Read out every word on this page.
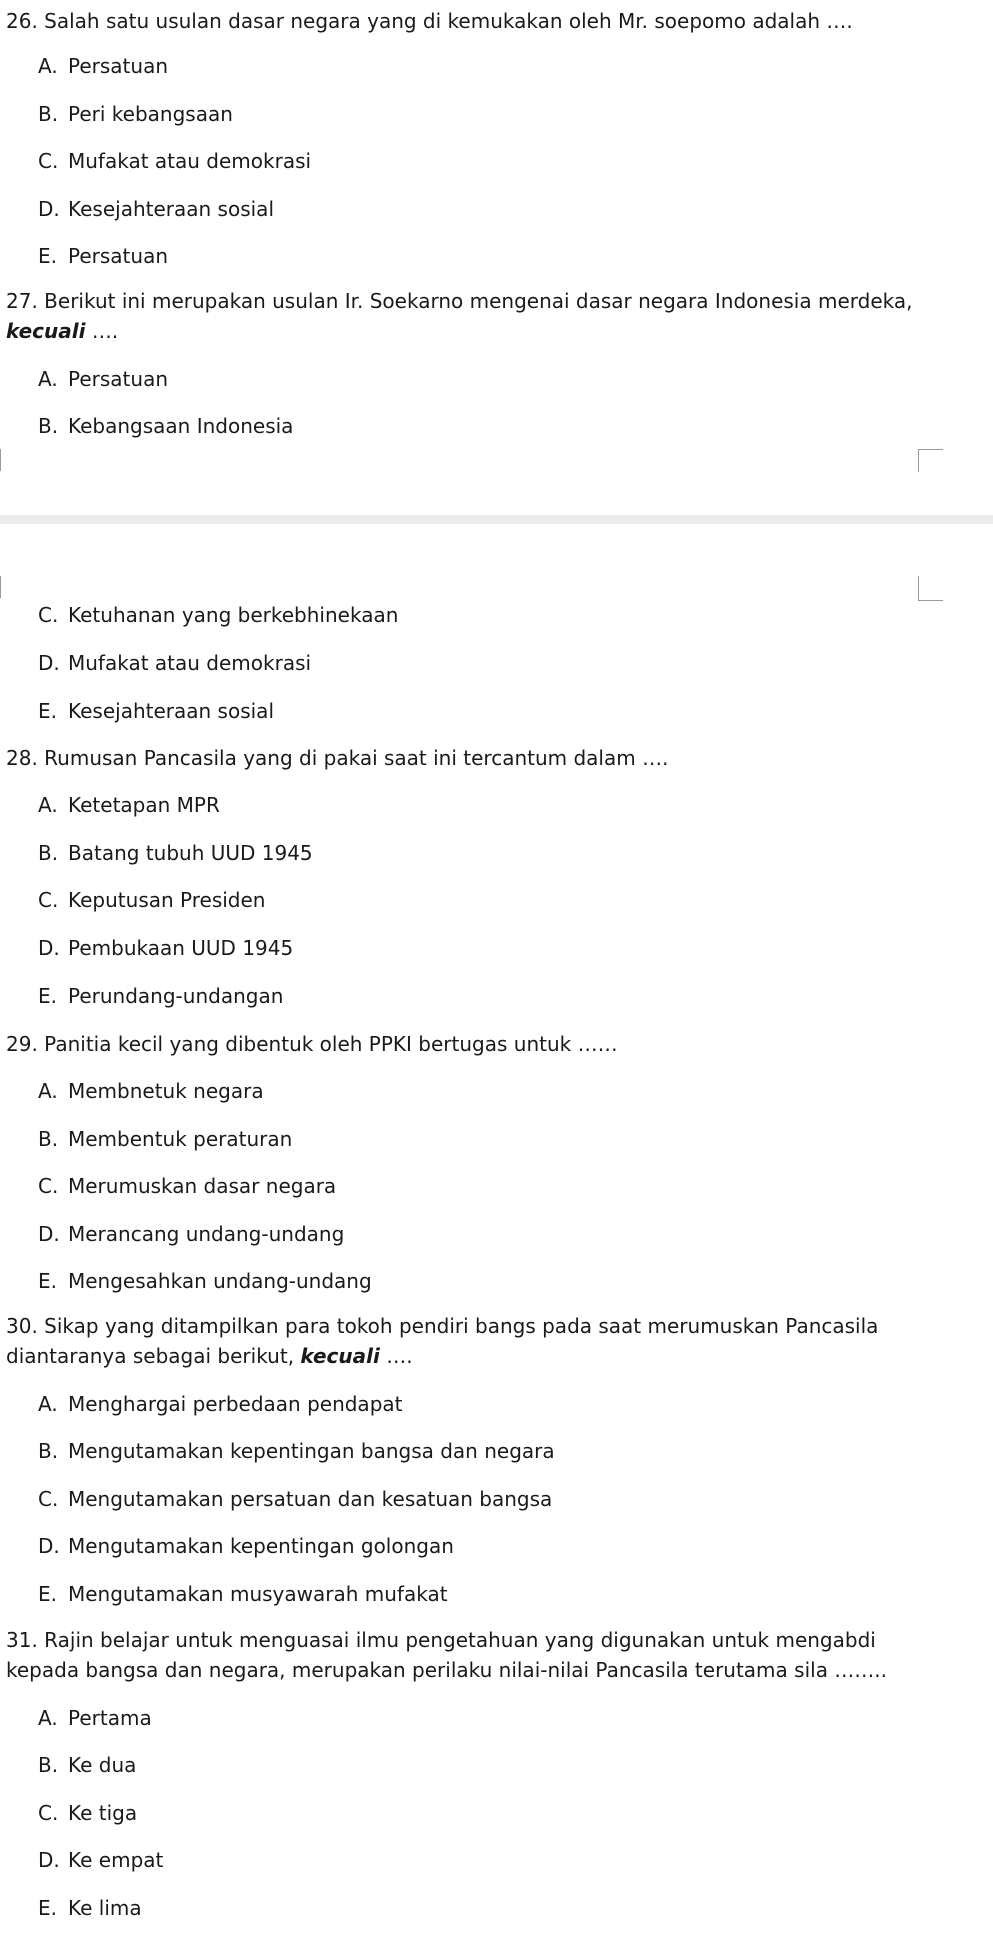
26. Salah satu usulan dasar negara yang di kemukakan oleh Mr. soepomo adalah ….
A. Persatuan
B. Peri kebangsaan
C. Mufakat atau demokrasi
D. Kesejahteraan sosial
E. Persatuan
27. Berikut ini merupakan usulan Ir. Soekarno mengenai dasar negara Indonesia merdeka, kecuali ….
A. Persatuan
B. Kebangsaan Indonesia
C. Ketuhanan yang berkebhinekaan
D. Mufakat atau demokrasi
E. Kesejahteraan sosial
28. Rumusan Pancasila yang di pakai saat ini tercantum dalam ….
A. Ketetapan MPR
B. Batang tubuh UUD 1945
C. Keputusan Presiden
D. Pembukaan UUD 1945
E. Perundang-undangan
29. Panitia kecil yang dibentuk oleh PPKI bertugas untuk ……
A. Membnetuk negara
B. Membentuk peraturan
C. Merumuskan dasar negara
D. Merancang undang-undang
E. Mengesahkan undang-undang
30. Sikap yang ditampilkan para tokoh pendiri bangs pada saat merumuskan Pancasila diantaranya sebagai berikut, kecuali ….
A. Menghargai perbedaan pendapat
B. Mengutamakan kepentingan bangsa dan negara
C. Mengutamakan persatuan dan kesatuan bangsa
D. Mengutamakan kepentingan golongan
E. Mengutamakan musyawarah mufakat
31. Rajin belajar untuk menguasai ilmu pengetahuan yang digunakan untuk mengabdi kepada bangsa dan negara, merupakan perilaku nilai-nilai Pancasila terutama sila ……..
A. Pertama
B. Ke dua
C. Ke tiga
D. Ke empat
E. Ke lima
